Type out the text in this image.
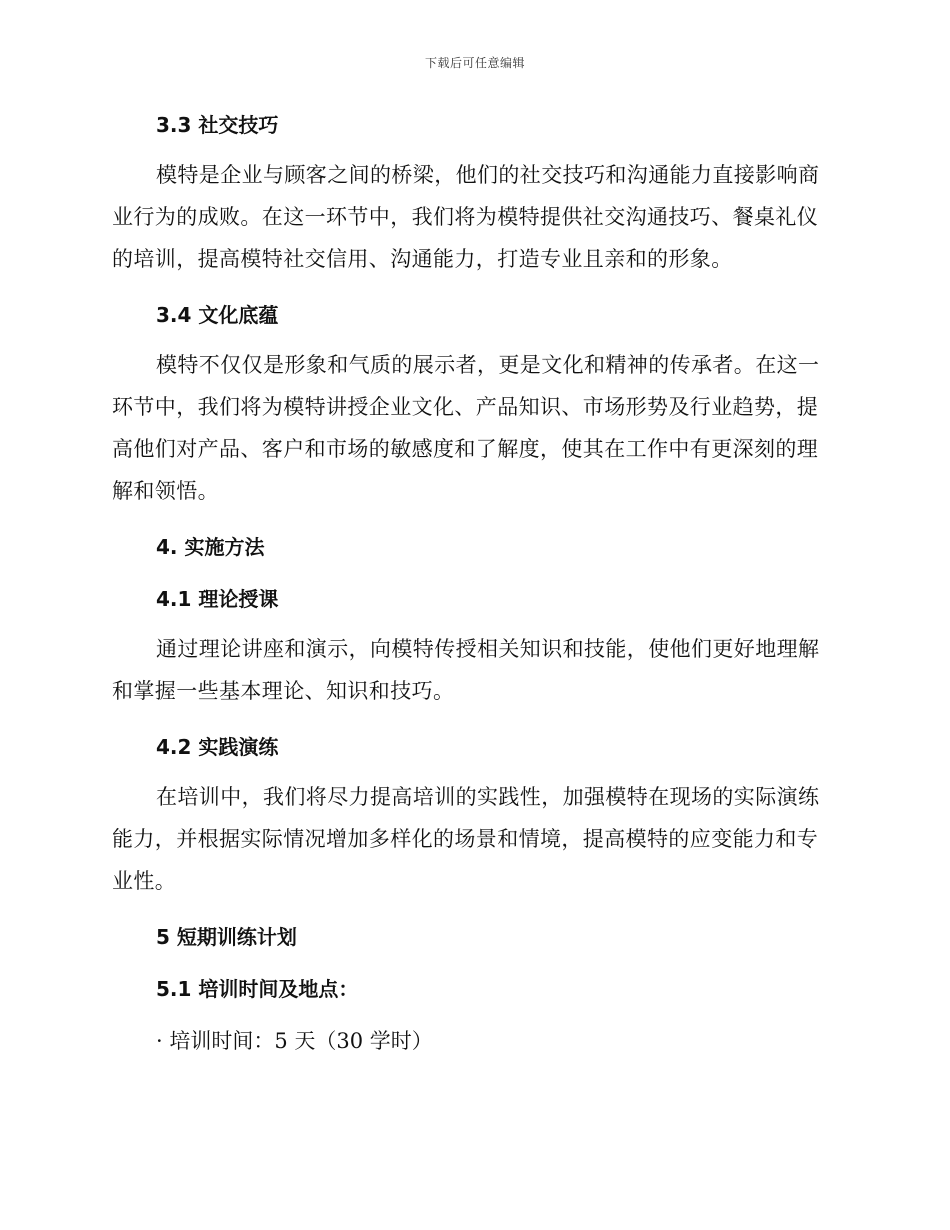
下载后可任意编辑
3.3 社交技巧

模特是企业与顾客之间的桥梁，他们的社交技巧和沟通能力直接影响商业行为的成败。在这一环节中，我们将为模特提供社交沟通技巧、餐桌礼仪的培训，提高模特社交信用、沟通能力，打造专业且亲和的形象。

3.4 文化底蕴

模特不仅仅是形象和气质的展示者，更是文化和精神的传承者。在这一环节中，我们将为模特讲授企业文化、产品知识、市场形势及行业趋势，提高他们对产品、客户和市场的敏感度和了解度，使其在工作中有更深刻的理解和领悟。

4. 实施方法
4.1 理论授课

通过理论讲座和演示，向模特传授相关知识和技能，使他们更好地理解和掌握一些基本理论、知识和技巧。

4.2 实践演练

在培训中，我们将尽力提高培训的实践性，加强模特在现场的实际演练能力，并根据实际情况增加多样化的场景和情境，提高模特的应变能力和专业性。

5 短期训练计划
5.1 培训时间及地点：

· 培训时间：5 天（30 学时）
